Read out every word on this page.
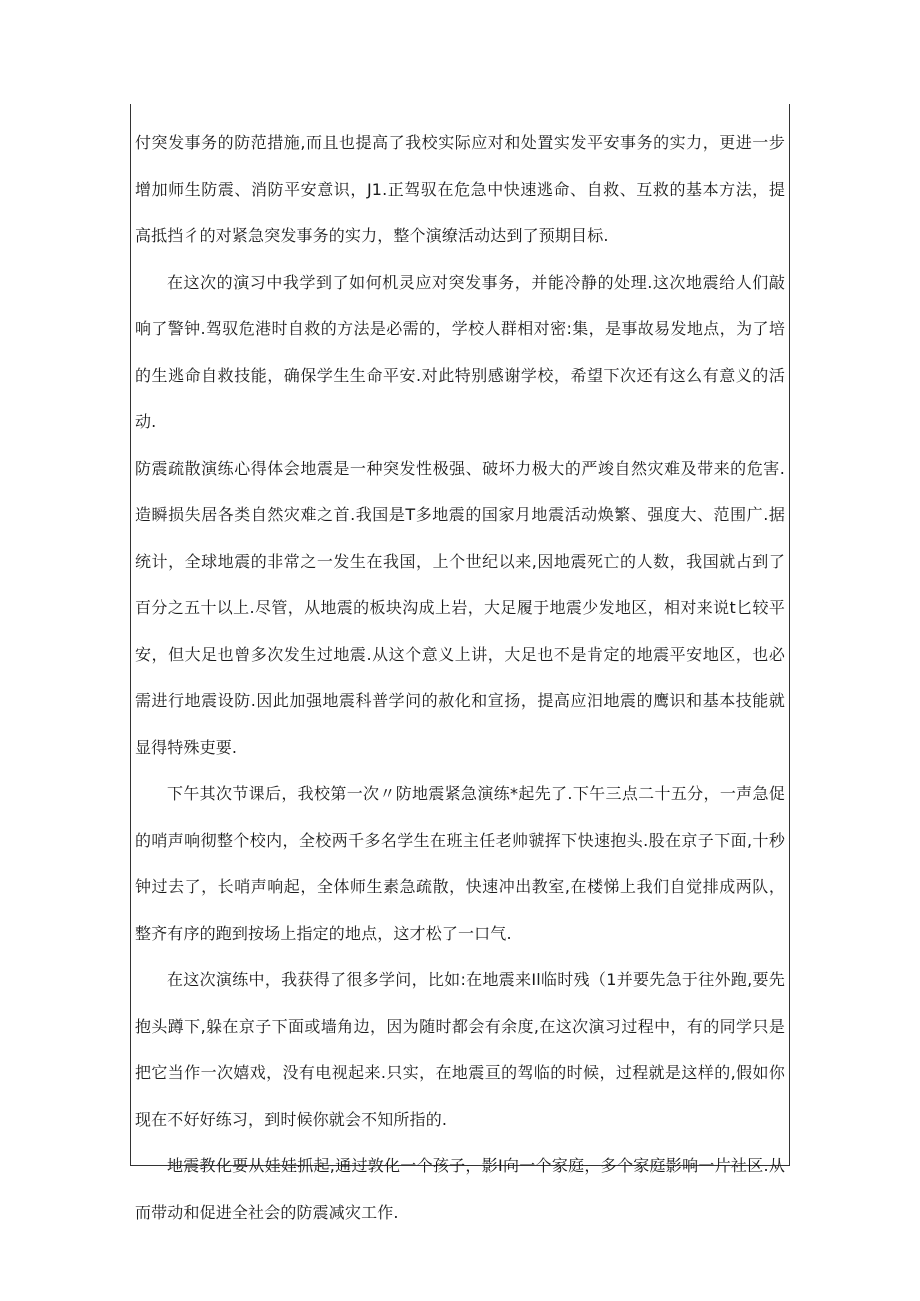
付突发事务的防范措施,而且也提高了我校实际应对和处置实发平安事务的实力，更进一步增加师生防震、消防平安意识，J1.正驾驭在危急中快速逃命、自救、互救的基本方法，提高抵挡彳的对紧急突发事务的实力，整个演缭活动达到了预期目标.

在这次的演习中我学到了如何机灵应对突发事务，并能冷静的处理.这次地震给人们敲响了警钟.驾驭危港时自救的方法是必需的，学校人群相对密:集，是事故易发地点，为了培的生逃命自救技能，确保学生生命平安.对此特别感谢学校，希望下次还有这么有意义的活动.

防震疏散演练心得体会地震是一种突发性极强、破坏力极大的严竣自然灾难及带来的危害.造瞬损失居各类自然灾难之首.我国是T多地震的国家月地震活动焕繁、强度大、范围广.据统计，全球地震的非常之一发生在我国，上个世纪以来,因地震死亡的人数，我国就占到了百分之五十以上.尽管，从地震的板块沟成上岩，大足履于地震少发地区，相对来说t匕较平安，但大足也曾多次发生过地震.从这个意义上讲，大足也不是肯定的地震平安地区，也必需进行地震设防.因此加强地震科普学问的赦化和宣扬，提高应汨地震的鹰识和基本技能就显得特殊吏要.

下午其次节课后，我校第一次〃防地震紧急演练*起先了.下午三点二十五分，一声急促的哨声响彻整个校内，全校两千多名学生在班主任老帅虢挥下快速抱头.股在京子下面,十秒钟过去了，长哨声响起，全体师生素急疏散，快速冲出教室,在楼悌上我们自觉排成两队，整齐有序的跑到按场上指定的地点，这才松了一口气.

在这次演练中，我获得了很多学问，比如:在地震来Il临时残（1并要先急于往外跑,要先抱头蹲下,躲在京子下面或墙角边，因为随时都会有余度,在这次演习过程中，有的同学只是把它当作一次嬉戏，没有电视起来.只实，在地震亘的驾临的时候，过程就是这样的,假如你现在不好好练习，到时候你就会不知所指的.

地震教化要从娃娃抓起,通过敦化一个孩子，影I向一个家庭，多个家庭影响一片社区.从而带动和促进全社会的防震减灾工作.
